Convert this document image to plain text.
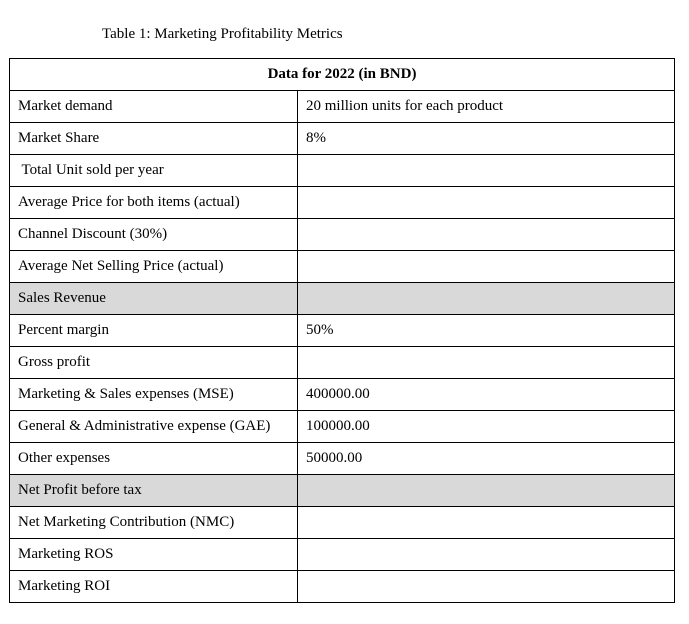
Table 1: Marketing Profitability Metrics
Data for 2022 (in BND)	
Market demand	20 million units for each product
Market Share	8%
Total Unit sold per year	
Average Price for both items (actual)	
Channel Discount (30%)	
Average Net Selling Price (actual)	
Sales Revenue	
Percent margin	50%
Gross profit	
Marketing & Sales expenses (MSE)	400000.00
General & Administrative expense (GAE)	100000.00
Other expenses	50000.00
Net Profit before tax	
Net Marketing Contribution (NMC)	
Marketing ROS	
Marketing ROI	
